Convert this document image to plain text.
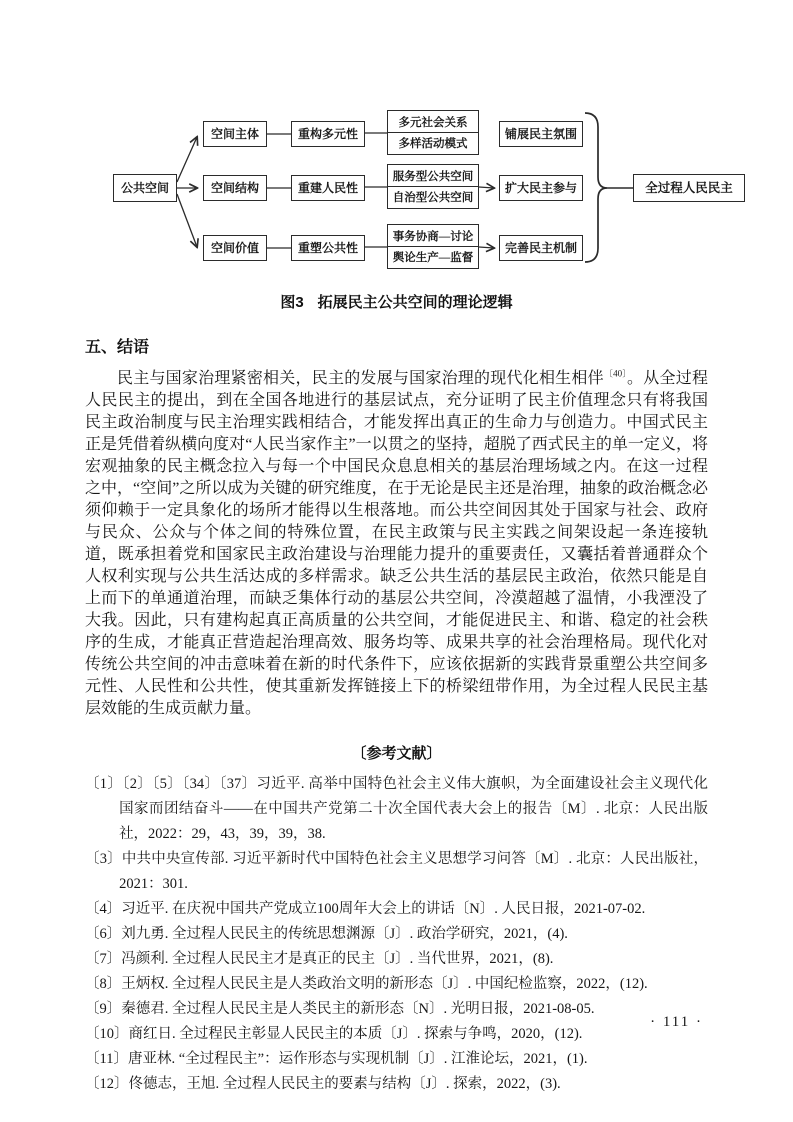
公共空间
空间主体
空间结构
空间价值
重构多元性
重建人民性
重塑公共性
多元社会关系
多样活动模式
服务型公共空间
自治型公共空间
事务协商—讨论
舆论生产—监督
铺展民主氛围
扩大民主参与
完善民主机制
全过程人民民主
图3 拓展民主公共空间的理论逻辑
五、结语

民主与国家治理紧密相关，民主的发展与国家治理的现代化相生相伴$^{〔40〕}$。从全过程人民民主的提出，到在全国各地进行的基层试点，充分证明了民主价值理念只有将我国民主政治制度与民主治理实践相结合，才能发挥出真正的生命力与创造力。中国式民主正是凭借着纵横向度对“人民当家作主”一以贯之的坚持，超脱了西式民主的单一定义，将宏观抽象的民主概念拉入与每一个中国民众息息相关的基层治理场域之内。在这一过程之中，“空间”之所以成为关键的研究维度，在于无论是民主还是治理，抽象的政治概念必须仰赖于一定具象化的场所才能得以生根落地。而公共空间因其处于国家与社会、政府与民众、公众与个体之间的特殊位置，在民主政策与民主实践之间架设起一条连接轨道，既承担着党和国家民主政治建设与治理能力提升的重要责任，又囊括着普通群众个人权利实现与公共生活达成的多样需求。缺乏公共生活的基层民主政治，依然只能是自上而下的单通道治理，而缺乏集体行动的基层公共空间，冷漠超越了温情，小我湮没了大我。因此，只有建构起真正高质量的公共空间，才能促进民主、和谐、稳定的社会秩序的生成，才能真正营造起治理高效、服务均等、成果共享的社会治理格局。现代化对传统公共空间的冲击意味着在新的时代条件下，应该依据新的实践背景重塑公共空间多元性、人民性和公共性，使其重新发挥链接上下的桥梁纽带作用，为全过程人民民主基层效能的生成贡献力量。

〔参考文献〕
〔1〕〔2〕〔5〕〔34〕〔37〕习近平. 高举中国特色社会主义伟大旗帜，为全面建设社会主义现代化国家而团结奋斗——在中国共产党第二十次全国代表大会上的报告〔M〕. 北京：人民出版社，2022：29，43，39，39，38.
〔3〕中共中央宣传部. 习近平新时代中国特色社会主义思想学习问答〔M〕. 北京：人民出版社，2021：301.
〔4〕习近平. 在庆祝中国共产党成立100周年大会上的讲话〔N〕. 人民日报，2021-07-02.
〔6〕刘九勇. 全过程人民民主的传统思想渊源〔J〕. 政治学研究，2021，(4).
〔7〕冯颜利. 全过程人民民主才是真正的民主〔J〕. 当代世界，2021，(8).
〔8〕王炳权. 全过程人民民主是人类政治文明的新形态〔J〕. 中国纪检监察，2022，(12).
〔9〕秦德君. 全过程人民民主是人类民主的新形态〔N〕. 光明日报，2021-08-05.
〔10〕商红日. 全过程民主彰显人民民主的本质〔J〕. 探索与争鸣，2020，(12).
〔11〕唐亚林. “全过程民主”：运作形态与实现机制〔J〕. 江淮论坛，2021，(1).
〔12〕佟德志，王旭. 全过程人民民主的要素与结构〔J〕. 探索，2022，(3).
· 111 ·
